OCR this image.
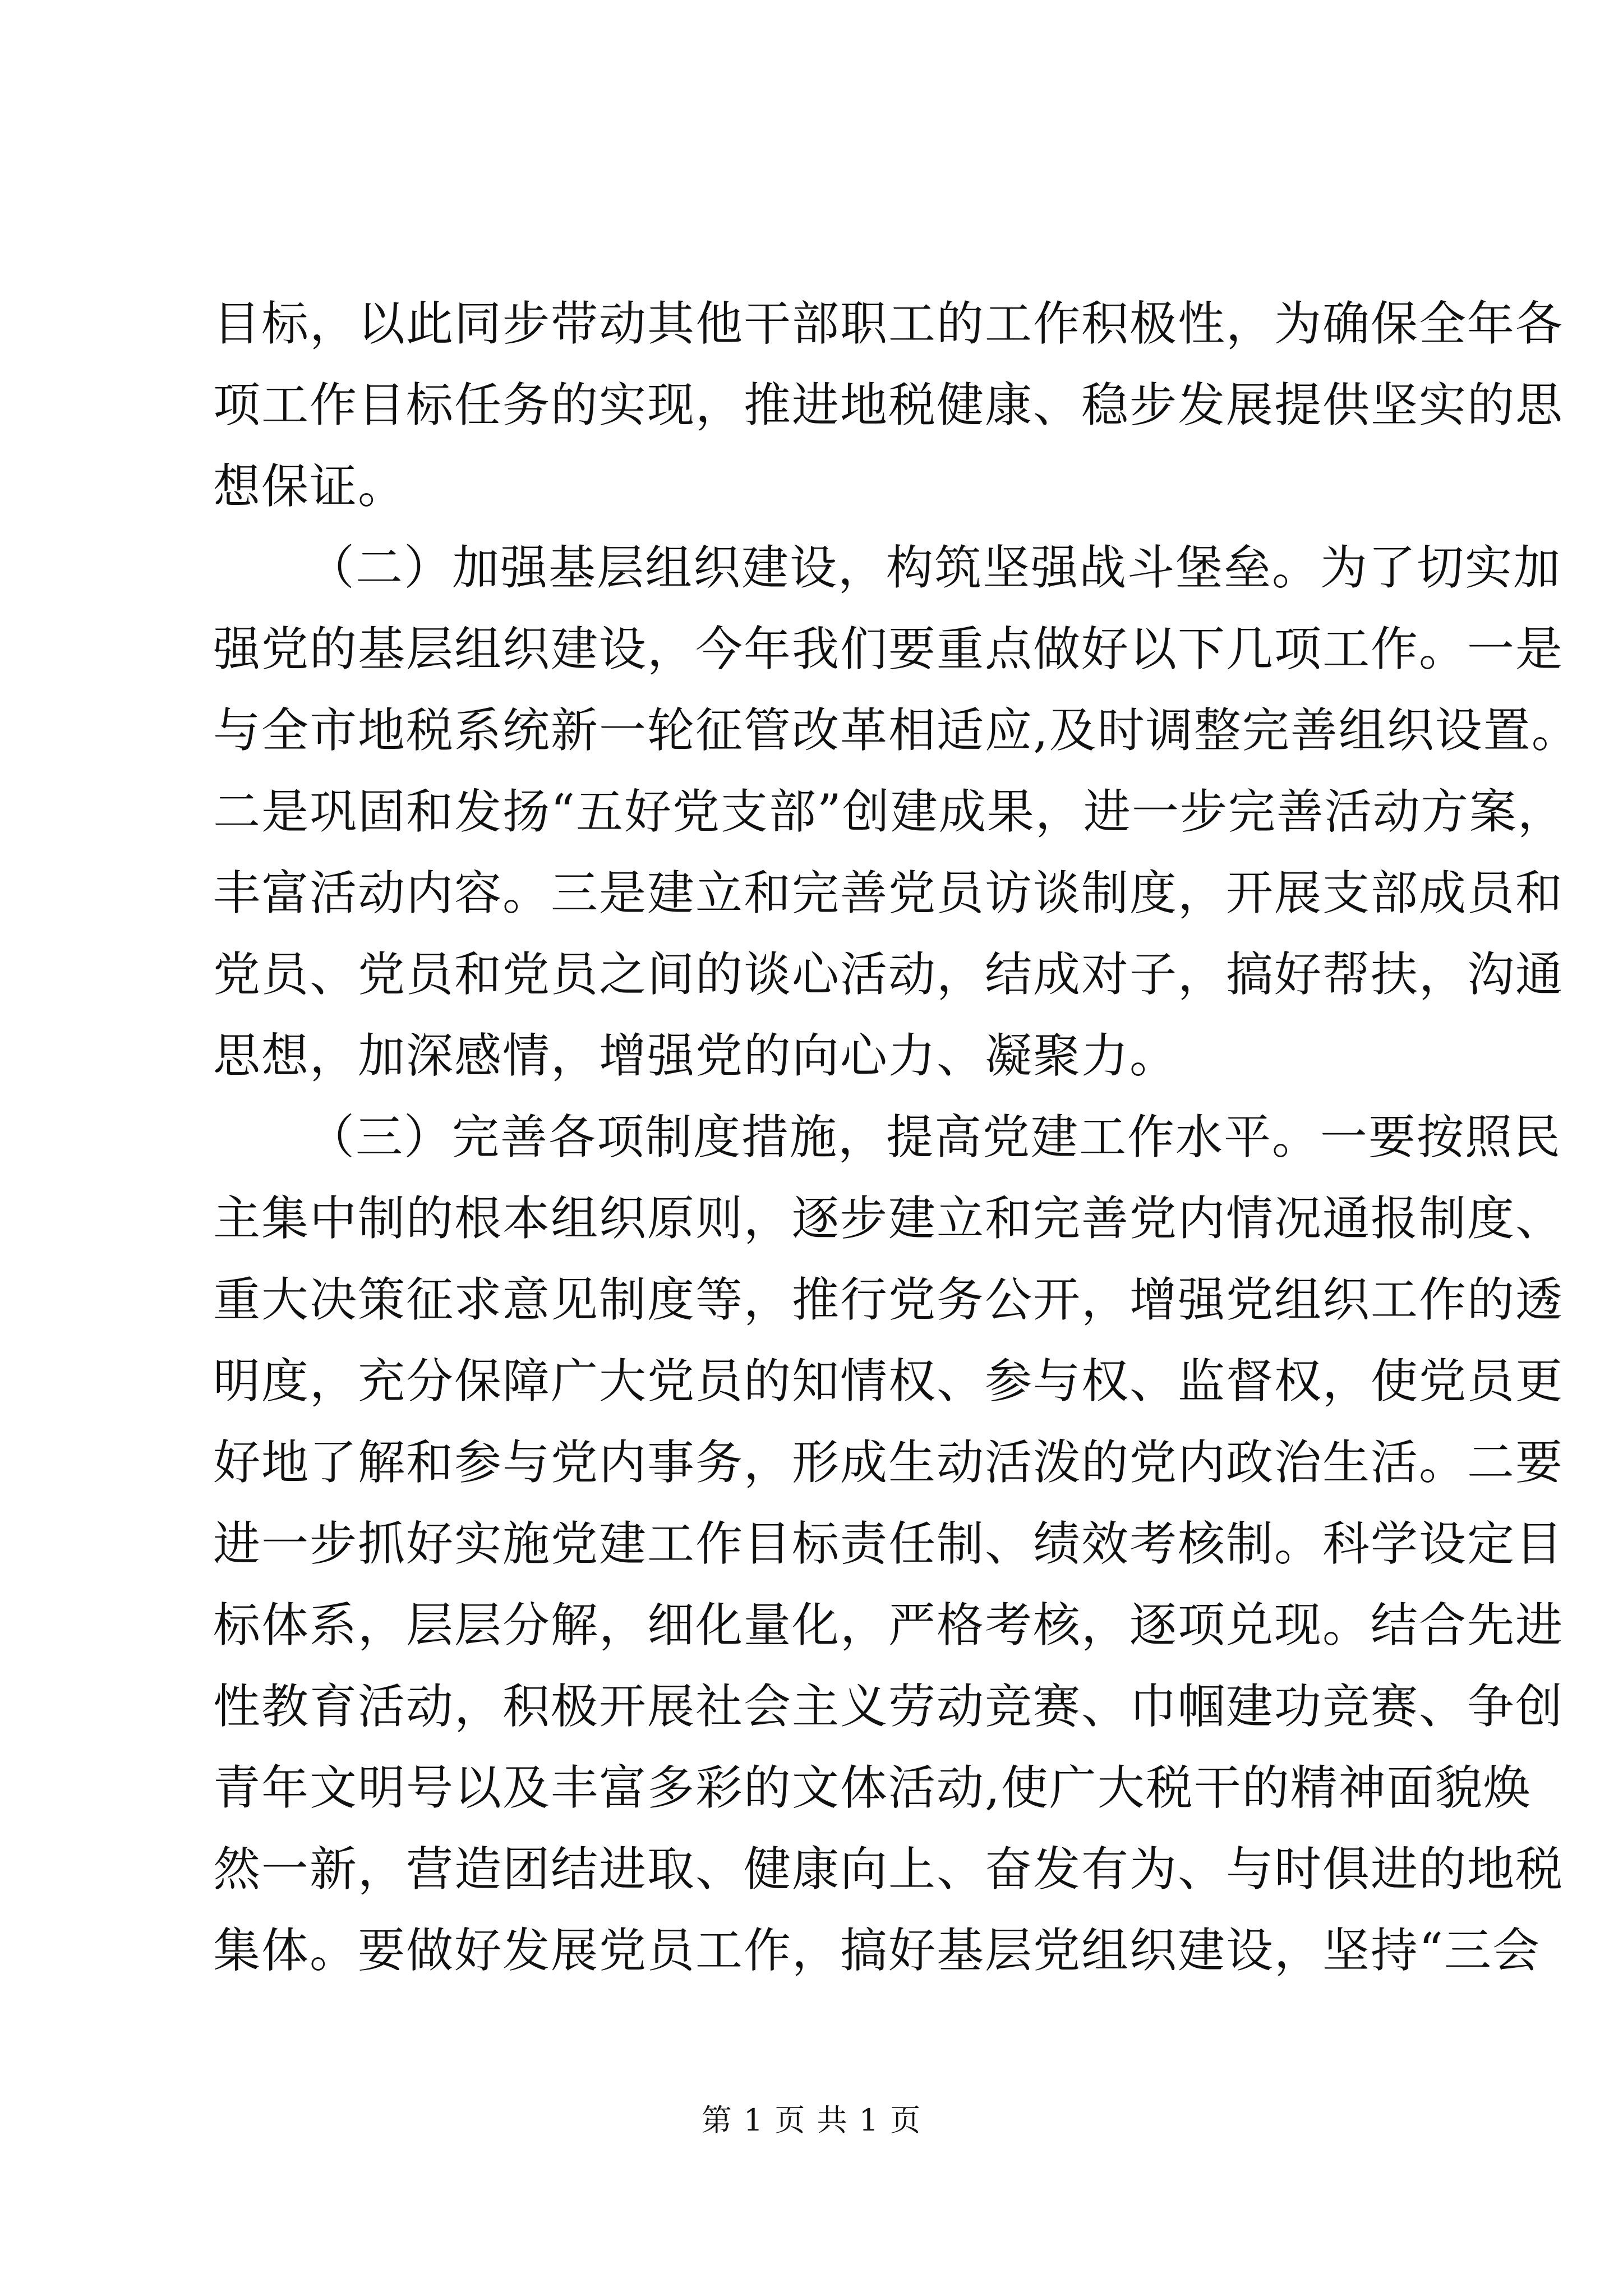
目标，以此同步带动其他干部职工的工作积极性，为确保全年各
项工作目标任务的实现，推进地税健康、稳步发展提供坚实的思
想保证。
（二）加强基层组织建设，构筑坚强战斗堡垒。为了切实加
强党的基层组织建设，今年我们要重点做好以下几项工作。一是
与全市地税系统新一轮征管改革相适应,及时调整完善组织设置。
二是巩固和发扬“五好党支部”创建成果，进一步完善活动方案，
丰富活动内容。三是建立和完善党员访谈制度，开展支部成员和
党员、党员和党员之间的谈心活动，结成对子，搞好帮扶，沟通
思想，加深感情，增强党的向心力、凝聚力。
（三）完善各项制度措施，提高党建工作水平。一要按照民
主集中制的根本组织原则，逐步建立和完善党内情况通报制度、
重大决策征求意见制度等，推行党务公开，增强党组织工作的透
明度，充分保障广大党员的知情权、参与权、监督权，使党员更
好地了解和参与党内事务，形成生动活泼的党内政治生活。二要
进一步抓好实施党建工作目标责任制、绩效考核制。科学设定目
标体系，层层分解，细化量化，严格考核，逐项兑现。结合先进
性教育活动，积极开展社会主义劳动竞赛、巾帼建功竞赛、争创
青年文明号以及丰富多彩的文体活动,使广大税干的精神面貌焕
然一新，营造团结进取、健康向上、奋发有为、与时俱进的地税
集体。要做好发展党员工作，搞好基层党组织建设，坚持“三会
第 1 页 共 1 页
